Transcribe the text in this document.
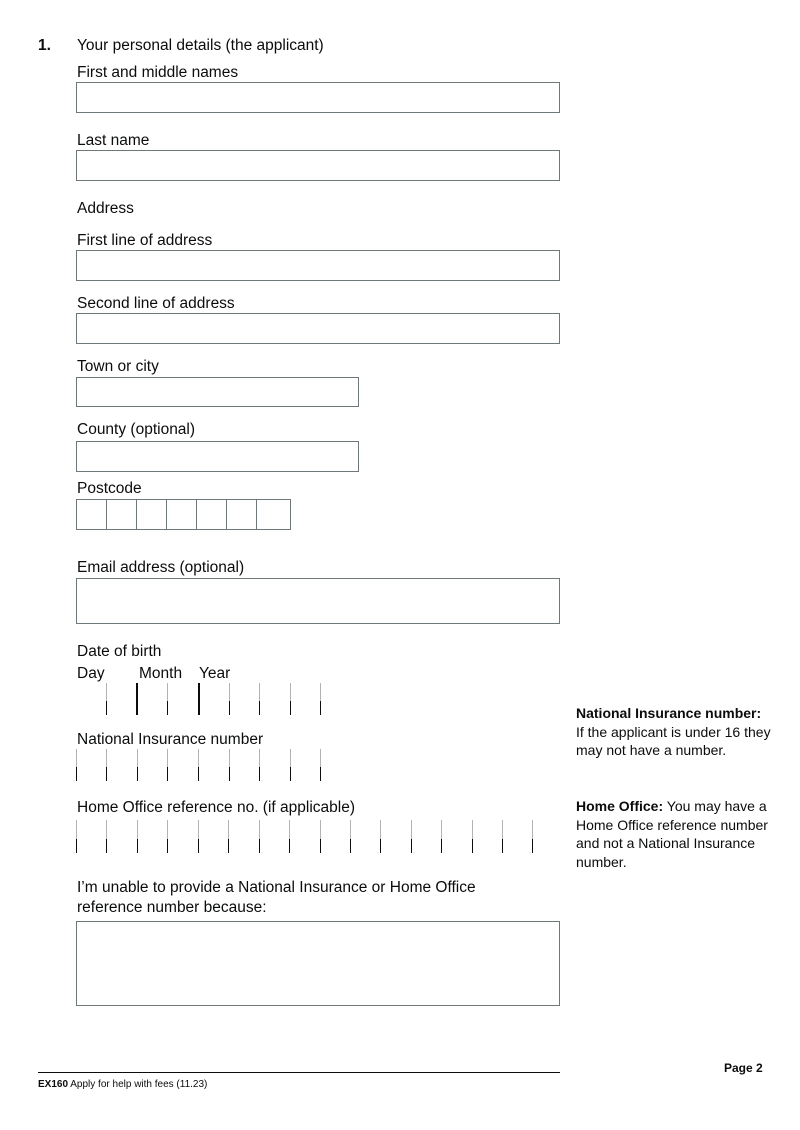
1. Your personal details (the applicant)
First and middle names
Last name
Address
First line of address
Second line of address
Town or city
County (optional)
Postcode
Email address (optional)
Date of birth
Day Month Year
National Insurance number
Home Office reference no. (if applicable)
I’m unable to provide a National Insurance or Home Office
reference number because:
National Insurance number: If the applicant is under 16 they may not have a number.
Home Office: You may have a Home Office reference number and not a National Insurance number.
Page 2
EX160 Apply for help with fees (11.23)
